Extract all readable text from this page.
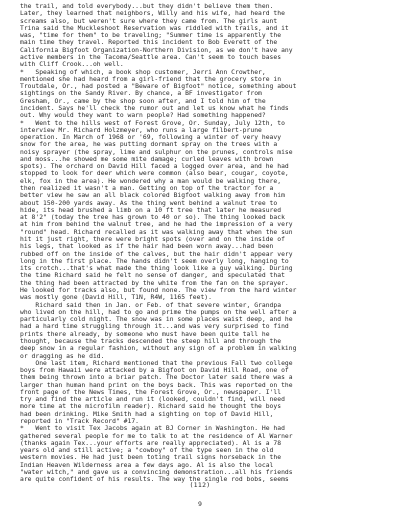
the trail, and told everybody...but they didn't believe them then.
Later, they learned that neighbors, Willy and his wife, had heard the
screams also, but weren't sure where they came from. The girls aunt
Trina said the Muckleshoot Reservation was riddled with trails, and it
was, "time for them" to be traveling; "Summer time is apparently the
main time they travel. Reported this incident to Bob Everett of the
California Bigfoot Organization-Northern Division, as we don't have any
active members in the Tacoma/Seattle area. Can't seem to touch bases
with Cliff Crook...oh well.
*   Speaking of which, a book shop customer, Jerri Ann Crowther,
mentioned she had heard from a girl-friend that the grocery store in
Troutdale, Or., had posted a "Beware of Bigfoot" notice, something about
sightings on the Sandy River. By chance, a BF investigator from
Gresham, Or., came by the shop soon after, and I told him of the
incident. Says he'll check the rumor out and let us know what he finds
out. Why would they want to warn people? Had something happened?
*   Went to the hills west of Forest Grove, Or. Sunday, July 12th, to
interview Mr. Richard Holzmeyer, who runs a large filbert-prune
operation. In March of 1968 or '69, following a winter of very heavy
snow for the area, he was putting dormant spray on the trees with a
noisy sprayer (the spray, lime and sulphur on the prunes, controls mise
and moss...he showed me some mite damage; curled leaves with brown
spots). The orchard on David Hill faced a logged over area, and he had
stopped to look for deer which were common (also bear, cougar, coyote,
elk, fox in the area). He wondered why a man would be walking there,
then realized it wasn't a man. Getting on top of the tractor for a
better view he saw an all black colored Bigfoot walking away from him
about 150-200 yards away. As the thing went behind a walnut tree to
hide, its head brushed a limb on a 10 ft tree that later he measured
at 8'2" (today the tree has grown to 40 or so). The thing looked back
at him from behind the walnut tree, and he had the impression of a very
"round" head. Richard recalled as it was walking away that when the sun
hit it just right, there were bright spots (over and on the inside of
his legs, that looked as if the hair had been worn away...had been
rubbed off on the inside of the calves, but the hair didn't appear very
long in the first place. The hands didn't seem overly long, hanging to
its crotch...that's what made the thing look like a guy walking. During
the time Richard said he felt no sense of danger, and speculated that
the thing had been attracted by the white from the fan on the sprayer.
He looked for tracks also, but found none. The view from the hard winter
was mostly gone (David Hill, T1N, R4W, 1165 feet).
Richard said then in Jan. or Feb. of that severe winter, Grandpa
who lived on the hill, had to go and prime the pumps on the well after a
particularly cold night. The snow was in some places waist deep, and he
had a hard time struggling through it...and was very surprised to find
prints there already, by someone who must have been quite tall he
thought, because the tracks descended the steep hill and through the
deep snow in a regular fashion, without any sign of a problem in walking
or dragging as he did.
One last item, Richard mentioned that the previous Fall two college
boys from Hawaii were attacked by a Bigfoot on David Hill Road, one of
them being thrown into a briar patch. The Doctor later said there was a
larger than human hand print on the boys back. This was reported on the
front page of the News Times, the Forest Grove, Or., newspaper. I'll
try and find the article and run it (looked, couldn't find, will need
more time at the microfilm reader). Richard said he thought the boys
had been drinking. Mike Smith had a sighting on top of David Hill,
reported in "Track Record" #17.
*   Went to visit Tex Jacobs again at BJ Corner in Washington. He had
gathered several people for me to talk to at the residence of Al Warner
(thanks again Tex...your efforts are really appreciated). Al is a 78
years old and still active; a "cowboy" of the type seen in the old
western movies. He had just been toting trail signs horseback in the
Indian Heaven Wilderness area a few days ago. Al is also the local
"water witch," and gave us a convincing demonstration...all his friends
are quite confident of his results. The way the single rod bobs, seems
(112)
9
